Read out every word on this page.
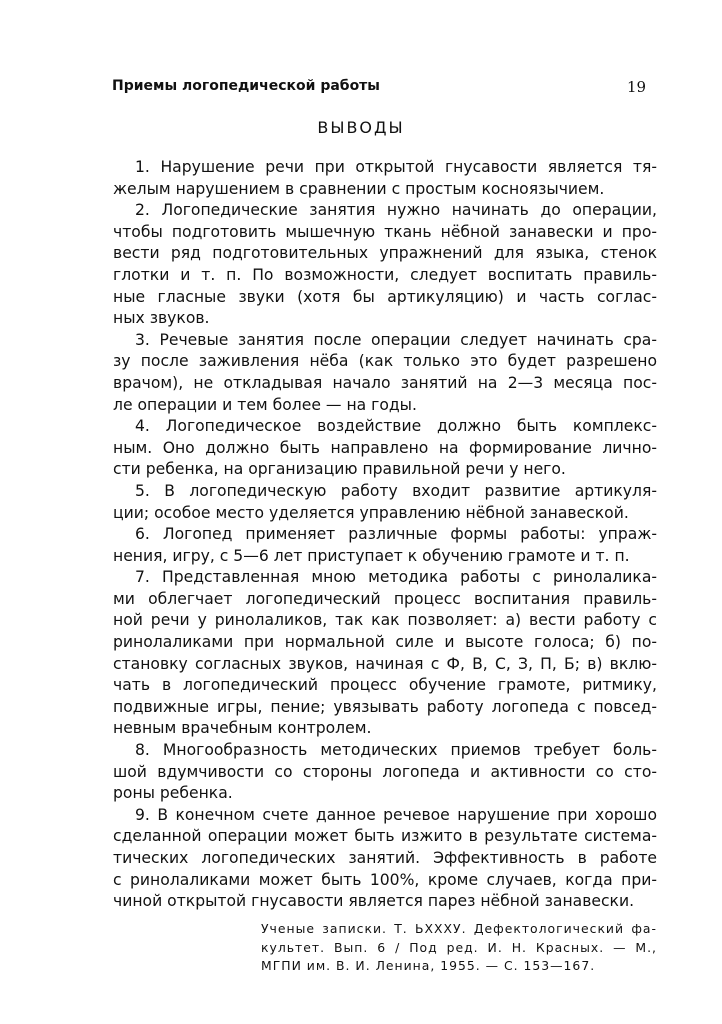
Приемы логопедической работы	19
ВЫВОДЫ
1. Нарушение речи при открытой гнусавости является тя-
желым нарушением в сравнении с простым косноязычием.
2. Логопедические занятия нужно начинать до операции,
чтобы подготовить мышечную ткань нёбной занавески и про-
вести ряд подготовительных упражнений для языка, стенок
глотки и т. п. По возможности, следует воспитать правиль-
ные гласные звуки (хотя бы артикуляцию) и часть соглас-
ных звуков.
3. Речевые занятия после операции следует начинать сра-
зу после заживления нёба (как только это будет разрешено
врачом), не откладывая начало занятий на 2—3 месяца пос-
ле операции и тем более — на годы.
4. Логопедическое воздействие должно быть комплекс-
ным. Оно должно быть направлено на формирование лично-
сти ребенка, на организацию правильной речи у него.
5. В логопедическую работу входит развитие артикуля-
ции; особое место уделяется управлению нёбной занавеской.
6. Логопед применяет различные формы работы: упраж-
нения, игру, с 5—6 лет приступает к обучению грамоте и т. п.
7. Представленная мною методика работы с ринолалика-
ми облегчает логопедический процесс воспитания правиль-
ной речи у ринолаликов, так как позволяет: а) вести работу с
ринолаликами при нормальной силе и высоте голоса; б) по-
становку согласных звуков, начиная с Ф, В, С, З, П, Б; в) вклю-
чать в логопедический процесс обучение грамоте, ритмику,
подвижные игры, пение; увязывать работу логопеда с повсед-
невным врачебным контролем.
8. Многообразность методических приемов требует боль-
шой вдумчивости со стороны логопеда и активности со сто-
роны ребенка.
9. В конечном счете данное речевое нарушение при хорошо
сделанной операции может быть изжито в результате система-
тических логопедических занятий. Эффективность в работе
с ринолаликами может быть 100%, кроме случаев, когда при-
чиной открытой гнусавости является парез нёбной занавески.
Ученые записки. Т. ЬХХХУ. Дефектологический фа-
культет. Вып. 6 / Под ред. И. Н. Красных. — М.,
МГПИ им. В. И. Ленина, 1955. — С. 153—167.
